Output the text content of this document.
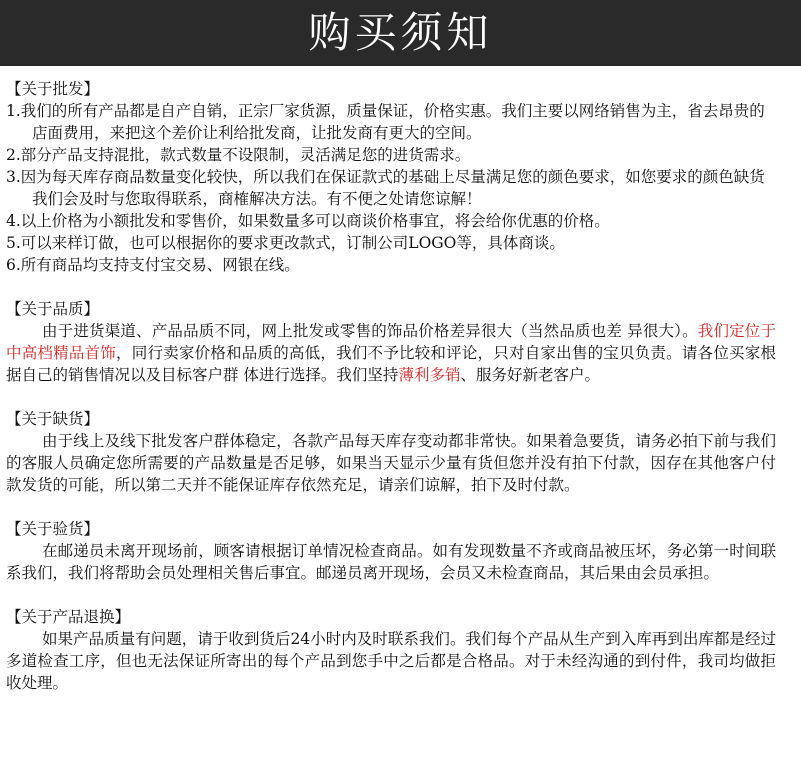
购买须知

【关于批发】

1.我们的所有产品都是自产自销，正宗厂家货源，质量保证，价格实惠。我们主要以网络销售为主，省去昂贵的店面费用，来把这个差价让利给批发商，让批发商有更大的空间。

2.部分产品支持混批，款式数量不设限制，灵活满足您的进货需求。

3.因为每天库存商品数量变化较快，所以我们在保证款式的基础上尽量满足您的颜色要求，如您要求的颜色缺货我们会及时与您取得联系，商榷解决方法。有不便之处请您谅解！

4.以上价格为小额批发和零售价，如果数量多可以商谈价格事宜，将会给你优惠的价格。

5.可以来样订做，也可以根据你的要求更改款式，订制公司LOGO等，具体商谈。

6.所有商品均支持支付宝交易、网银在线。

【关于品质】

由于进货渠道、产品品质不同，网上批发或零售的饰品价格差异很大（当然品质也差 异很大）。我们定位于中高档精品首饰，同行卖家价格和品质的高低，我们不予比较和评论，只对自家出售的宝贝负责。请各位买家根据自己的销售情况以及目标客户群 体进行选择。我们坚持薄利多销、服务好新老客户。

【关于缺货】

由于线上及线下批发客户群体稳定，各款产品每天库存变动都非常快。如果着急要货，请务必拍下前与我们的客服人员确定您所需要的产品数量是否足够，如果当天显示少量有货但您并没有拍下付款，因存在其他客户付款发货的可能，所以第二天并不能保证库存依然充足，请亲们谅解，拍下及时付款。

【关于验货】

在邮递员未离开现场前，顾客请根据订单情况检查商品。如有发现数量不齐或商品被压坏，务必第一时间联系我们，我们将帮助会员处理相关售后事宜。邮递员离开现场，会员又未检查商品，其后果由会员承担。

【关于产品退换】

如果产品质量有问题，请于收到货后24小时内及时联系我们。我们每个产品从生产到入库再到出库都是经过多道检查工序，但也无法保证所寄出的每个产品到您手中之后都是合格品。对于未经沟通的到付件，我司均做拒收处理。
